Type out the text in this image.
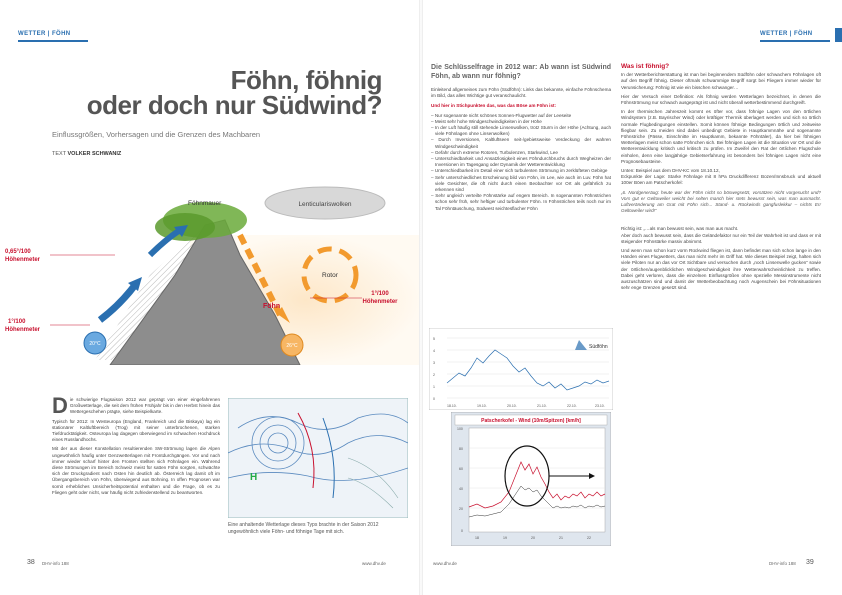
WETTER | FÖHN
Föhn, föhnig
oder doch nur Südwind?
Einflussgrößen, Vorhersagen und die Grenzen des Machbaren
TEXT VOLKER SCHWANIZ
Lenticulariswolken
Föhnmauer
Rotor
Föhn
20°C	26°C
0,65°/100
Höhenmeter
1°/100
Höhenmeter
1°/100
Höhenmeter

Die schwierige Flugsaison 2012 war geprägt von einer eingefahrenen Großwetterlage, die seit dem frühen Frühjahr bis in den Herbst hinein das Wettergeschehen prägte, siehe Beispielkarte.

Typisch für 2012: In Westeuropa (England, Frankreich und die Biskaya) lag ein stationärer Kaltluftbereich (Trog) mit seiner unterbrochenen, starken Tiefdrucktätigkeit. Osteuropa lag dagegen überwiegend im schwachen Hochdruck eines Russlandhochs.

Mit der aus dieser Konstellation resultierenden SW-Strömung lagen die Alpen ungewöhnlich häufig unter Genzwetterlagen mit Frontdurchgängen. Vor und nach immer wieder scharf hinter den Fronten stellten sich Föhnlagen ein. Während diese Strömungen im Bereich Schweiz meist für satten Föhn sorgten, schwächte sich der Druckgradient nach Osten hin deutlich ab. Österreich lag damit oft im Übergangsbereich von Föhn, überwiegend aus Bohning. In offen Prognosen war somit erhebliches Unsicherheitspotential enthalten und die Frage, ob es zu Fliegen geht oder nicht, war häufig nicht zufriedenstellend zu beantworten.

H
Eine anhaltende Wetterlage dieses Typs brachte in der Saison 2012 ungewöhnlich viele Föhn- und föhnige Tage mit sich.
38 DHV-info 188	www.dhv.de
WETTER | FÖHN
Die Schlüsselfrage in 2012 war: Ab wann ist Südwind Föhn, ab wann nur föhnig?

Einleitend allgemeines zum Föhn (Südföhn): Links das bekannte, einfache Föhnschema im Bild, das alles Wichtige gut veranschaulicht.

Und hier in Stichpunkten das, was das Böse am Föhn ist:

– Nur sogenannte nicht schönes Sonnen-Flugwetter auf der Leeseite
– Meist sehr hohe Windgeschwindigkeiten in der Höhe
– In der Luft häufig still stehende Linsenwolken, trotz Sturm in der Höhe (Achtung, auch viele Föhnlagen ohne Linsenwolken)
– Durch Inversionen, Kaltluftseen seit-/gebietsweise Verdeckung der wahren Windgeschwindigkeit
– Gefahr durch extreme Rotoren, Turbulenzen, Starkwind, Lee
– Unterschiedbarkeit und Ansatzlosigkeit eines Föhndurchbruchs durch Wegheizen der Inversionen im Tagesgang oder Dynamik der Wetterentwicklung
– Unterschiedbarkeit im Detail einer sich turbulenten Strömung im zerklüfteten Gebirge
– Sehr unterschiedliches Erscheinung bild von Föhn, im Lee, wie auch im Luv. Föhn hat viele Gesichter, die oft nicht durch einen Beobachter vor Ort als gefährlich zu erkennen sind
– Sehr ungleich verteilte Föhnstärke auf engem Bereich. In sogenannten Föhnstrichen schon sehr früh, sehr heftiger und turbulenter Föhn. In Föhnstrichen teils noch nur im Tal Föhntäuschung, Südwest seichtesflacher Föhn
5
4
3
2
1
0
18.10.	19.10.	20.10.	21.10.	22.10.	23.10.
Südföhn
Patscherkofel - Wind (10m/Spitzen) [km/h]
100
80
60
40
20
0
18	19	20	21	22

Was ist föhnig?

In der Wetterberichterstattung ist man bei beginnendem Südföhn oder schwachem Föhnlagen oft auf den Begriff föhnig. Dieser oftmals schwammige Begriff sorgt bei Fliegern immer wieder für Verunsicherung: Föhnig ist wie ein bisschen schwanger…

Hier der Versuch einer Definition: Als föhnig werden Wetterlagen bezeichnet, in denen die Föhnströmung nur schwach ausgeprägt ist und nicht überall wetterbestimmend durchgreift.

In der thermischen Jahreszeit kommt es öfter vor, dass föhnige Lagen von den örtlichen Windsystem (z.B. Bayrischer Wind) oder kräftiger Thermik überlagert werden und sich so örtlich normale Flugbedingungen einstellen. Somit können föhnige Bedingungen örtlich und zeitweise fliegbar sein. Zu meiden sind dabei unbedingt Gebiete in Hauptkammnähe und sogenannte Föhnstriche (Pässe, Einschnitte im Hauptkamm, bekannte Föhntäler), da hier bei föhnigen Wetterlagen meist schon satte Föhnchen sich. Bei föhnigen Lagen ist die Situation vor Ort und die Wetterentwicklung kritisch und kritisch zu prüfen. Im Zweifel den Rat der örtlichen Flugschule einholen, denn eine langjährige Gebietserfahrung ist besonders bei föhnigen Lagen nicht eine Prognosebausteine.

Unten: Beispiel aus dem DHV-KC vom 18.10.12,

Eckpunkte der Lage: Starke Föhnlage mit 8 hPa Druckdifferenz Bozen/Innsbruck und aktuell 100er Böen am Patscherkofel:

„6. Nordgeneräug: heute war der Föhn nicht so böswegsetzt, vorsätzen nicht vorgesucht und? Vors gut er Geltoweiler weicht bei selten manch hier stets bewusst sein, was man ausmacht. Luftveränderung am Grat mit Föhn sich... Stand- u. Rückwinds gangfuslekkur – nichts Err Geltoweiler wird!“

Richtig ist: „…als man bewusst sein, was man aus macht.

Aber doch auch bewusst sein, dass die Geländefaktor nur ein Teil der Wahrheit ist und dass er mit steigender Föhnstärke massiv abnimmt.

Und wenn man schon kurz vorm Rückwind fliegen ist, dann befindet man sich schon lange in den Händen eines Flugwetters, das man nicht mehr im Griff hat. Wie dieses Beispiel zeigt, halten sich viele Piloten nur an das vor Ort Sichtbare und versuchen durch „noch Linsenwelle gucken“ sowie der örtlichen/augenblicklichen Windgeschwindigkeit ihre Wetterwahrscheinlichkeit zu treffen. Dabei geht verloren, dass die einzelnen Einflussgrößen ohne spezielle Messinstrumente nicht auszuschätzen sind und damit der Wetterbeobachtung noch Augenschein bei Föhnsituationen sehr enge Grenzen gesetzt sind.

www.dhv.de	DHV-info 188 39
